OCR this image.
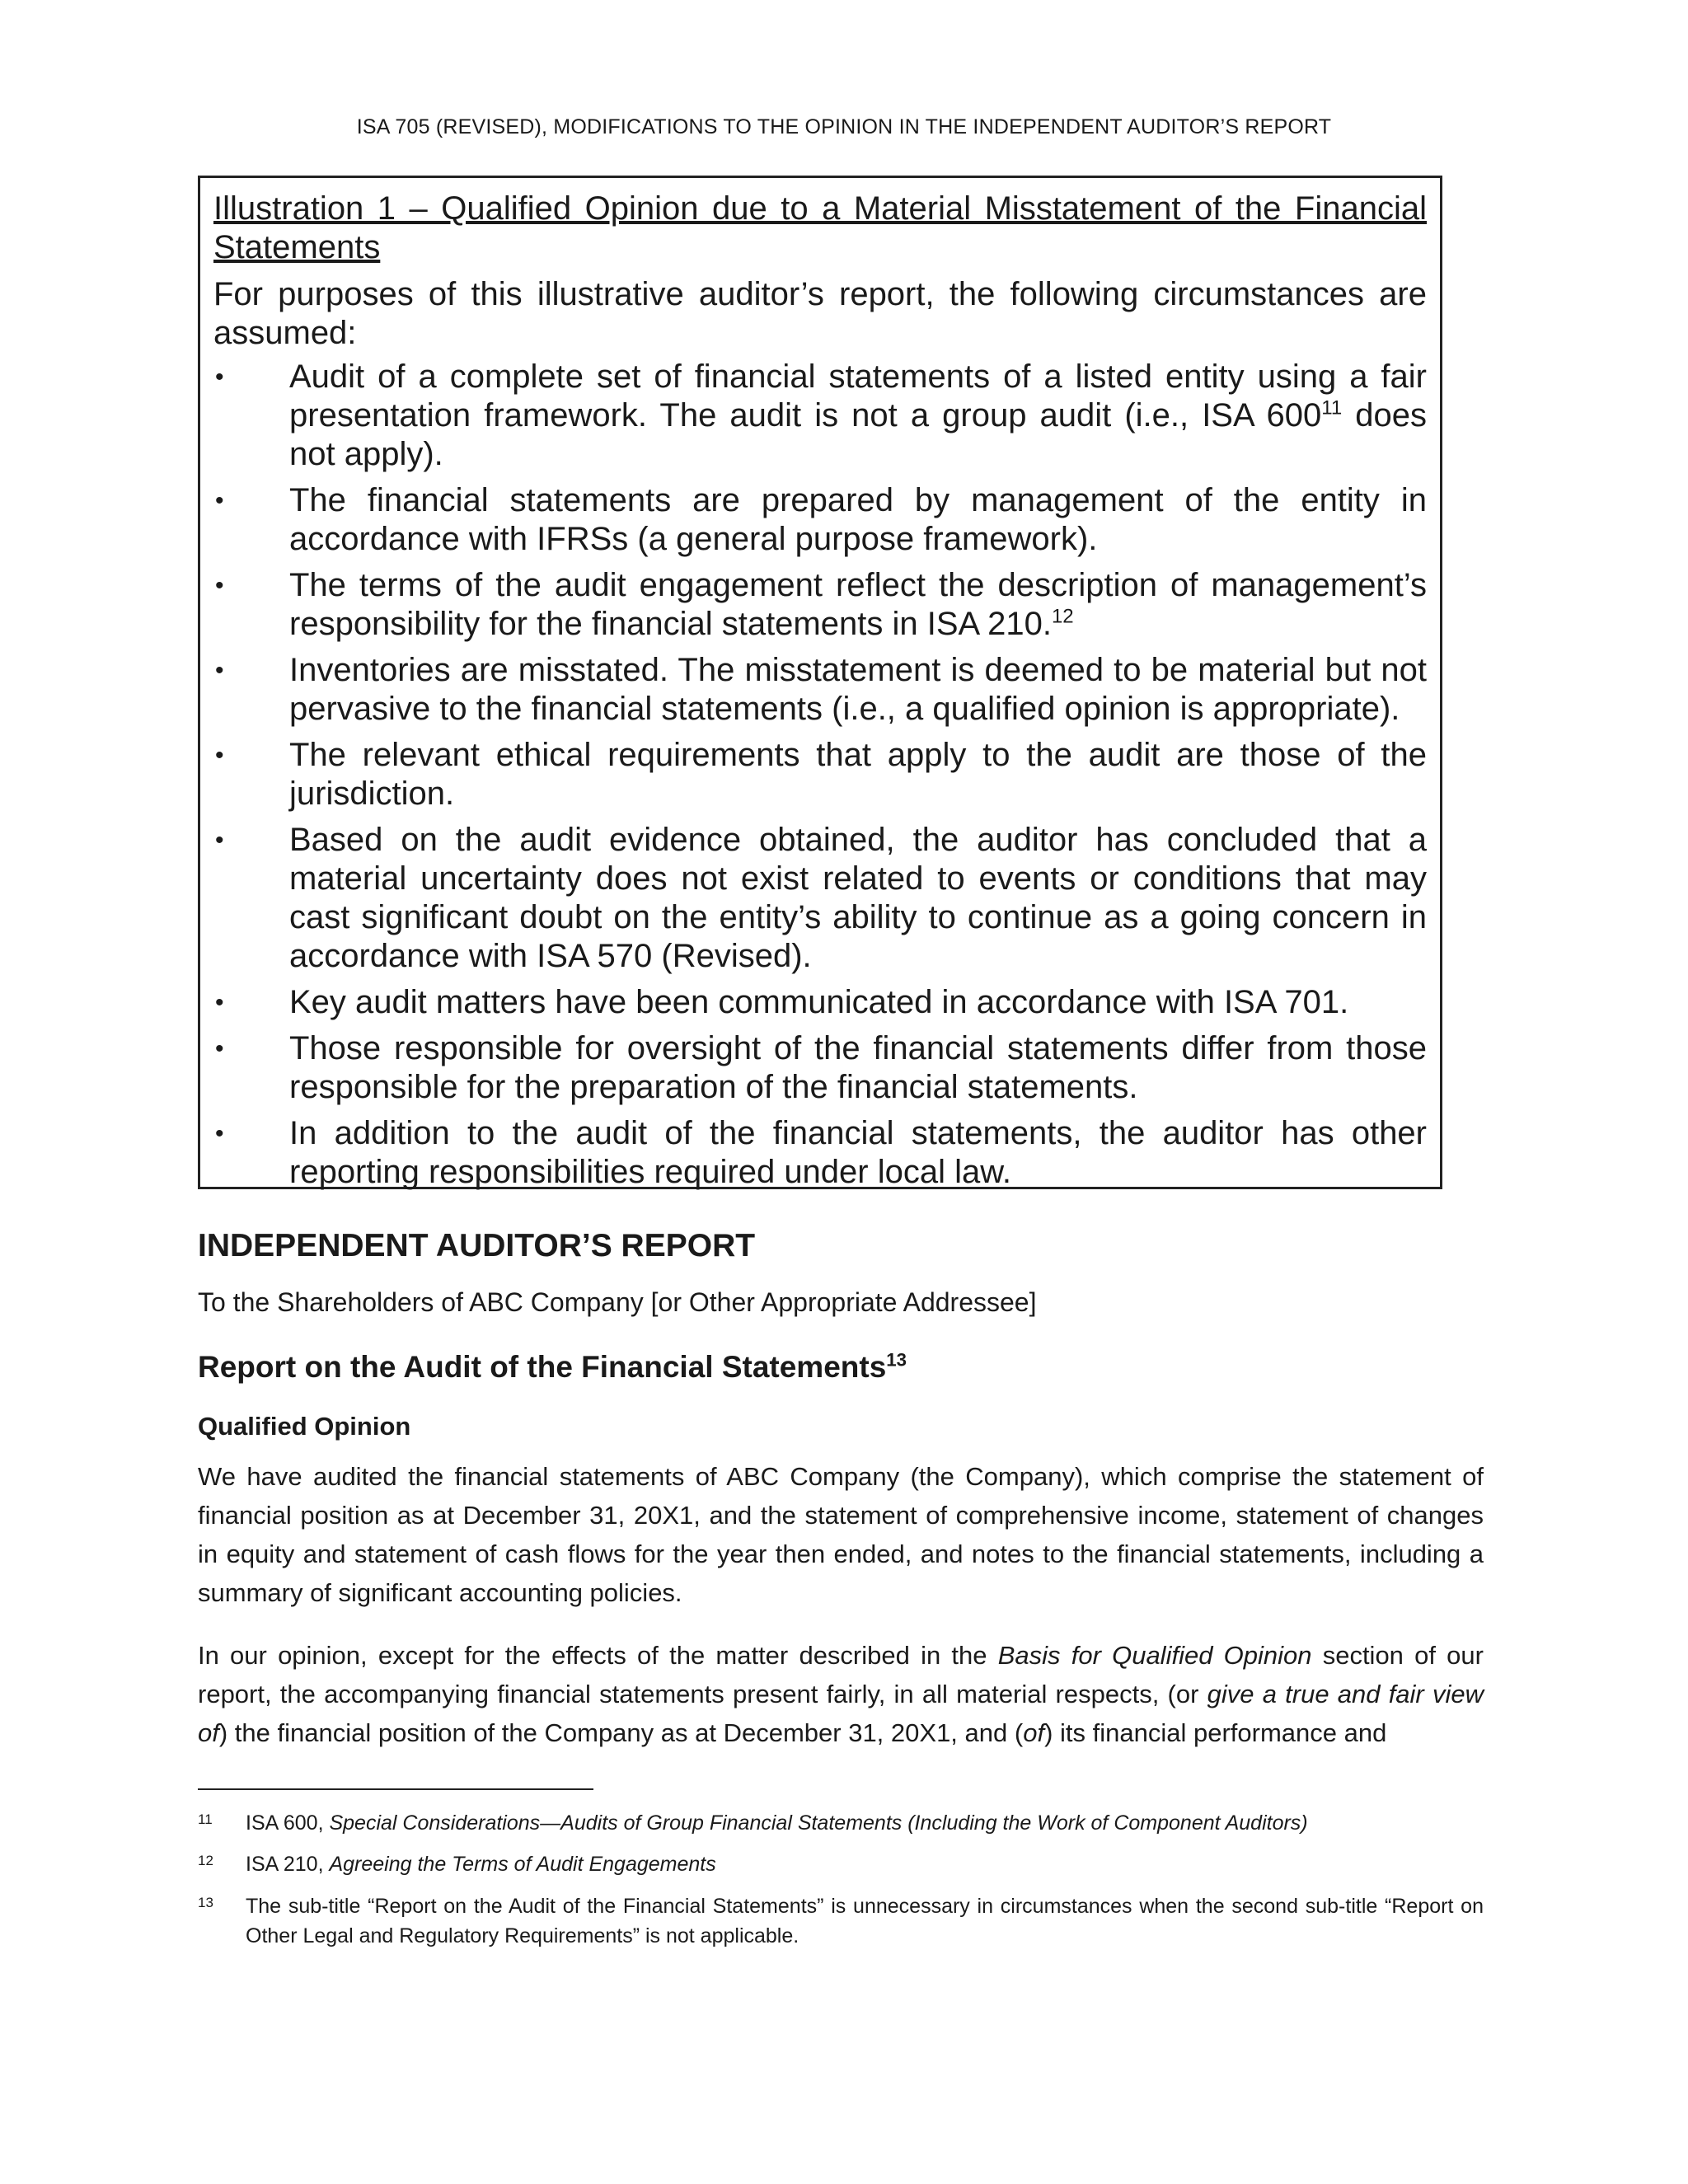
ISA 705 (REVISED), MODIFICATIONS TO THE OPINION IN THE INDEPENDENT AUDITOR’S REPORT

Illustration 1 – Qualified Opinion due to a Material Misstatement of the Financial Statements

For purposes of this illustrative auditor’s report, the following circumstances are assumed:

• Audit of a complete set of financial statements of a listed entity using a fair presentation framework. The audit is not a group audit (i.e., ISA $600^{11}$ does not apply).
• The financial statements are prepared by management of the entity in accordance with IFRSs (a general purpose framework).
• The terms of the audit engagement reflect the description of management’s responsibility for the financial statements in ISA 210.12
• Inventories are misstated. The misstatement is deemed to be material but not pervasive to the financial statements (i.e., a qualified opinion is appropriate).
• The relevant ethical requirements that apply to the audit are those of the jurisdiction.
• Based on the audit evidence obtained, the auditor has concluded that a material uncertainty does not exist related to events or conditions that may cast significant doubt on the entity’s ability to continue as a going concern in accordance with ISA 570 (Revised).
• Key audit matters have been communicated in accordance with ISA 701.
• Those responsible for oversight of the financial statements differ from those responsible for the preparation of the financial statements.
• In addition to the audit of the financial statements, the auditor has other reporting responsibilities required under local law.
INDEPENDENT AUDITOR’S REPORT

To the Shareholders of ABC Company [or Other Appropriate Addressee]

Report on the Audit of the Financial Statements$^{13}$
Qualified Opinion

We have audited the financial statements of ABC Company (the Company), which comprise the statement of financial position as at December 31, 20X1, and the statement of comprehensive income, statement of changes in equity and statement of cash flows for the year then ended, and notes to the financial statements, including a summary of significant accounting policies.

In our opinion, except for the effects of the matter described in the Basis for Qualified Opinion section of our report, the accompanying financial statements present fairly, in all material respects, (or give a true and fair view of) the financial position of the Company as at December 31, 20X1, and (of) its financial performance and

11 ISA 600, Special Considerations—Audits of Group Financial Statements (Including the Work of Component Auditors)
12 ISA 210, Agreeing the Terms of Audit Engagements
13 The sub-title “Report on the Audit of the Financial Statements” is unnecessary in circumstances when the second sub-title “Report on Other Legal and Regulatory Requirements” is not applicable.
